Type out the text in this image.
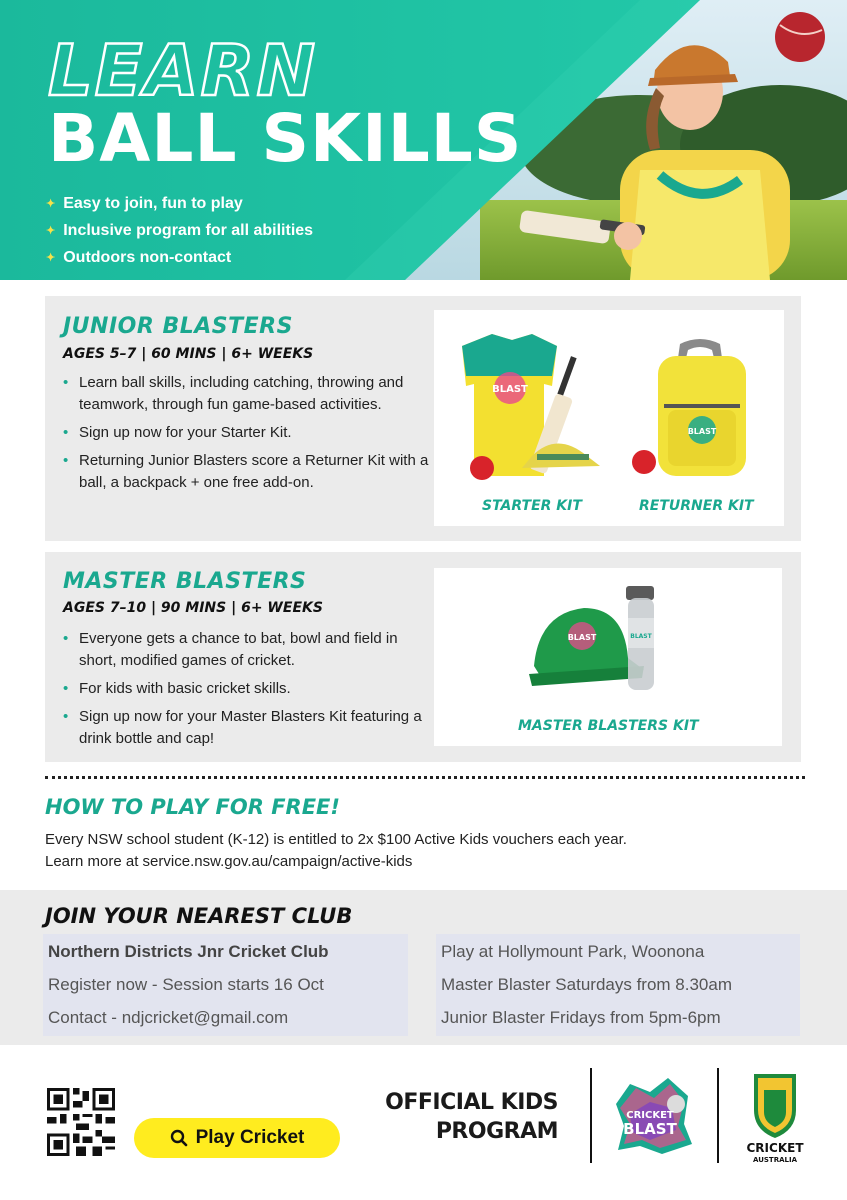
LEARN
BALL SKILLS
✦ Easy to join, fun to play
✦ Inclusive program for all abilities
✦ Outdoors non-contact
JUNIOR BLASTERS
AGES 5–7 | 60 MINS | 6+ WEEKS
• Learn ball skills, including catching, throwing and teamwork, through fun game-based activities.
• Sign up now for your Starter Kit.
• Returning Junior Blasters score a Returner Kit with a ball, a backpack + one free add-on.
BLAST
BLAST
STARTER KIT	RETURNER KIT
MASTER BLASTERS
AGES 7–10 | 90 MINS | 6+ WEEKS
• Everyone gets a chance to bat, bowl and field in short, modified games of cricket.
• For kids with basic cricket skills.
• Sign up now for your Master Blasters Kit featuring a drink bottle and cap!
BLAST	BLAST
MASTER BLASTERS KIT
HOW TO PLAY FOR FREE!
Every NSW school student (K-12) is entitled to 2x $100 Active Kids vouchers each year.
Learn more at service.nsw.gov.au/campaign/active-kids
JOIN YOUR NEAREST CLUB
Northern Districts Jnr Cricket Club
Register now - Session starts 16 Oct
Contact - ndjcricket@gmail.com
Play at Hollymount Park, Woonona
Master Blaster Saturdays from 8.30am
Junior Blaster Fridays from 5pm-6pm
Play Cricket
OFFICIAL KIDS
PROGRAM
CRICKET
BLAST
CRICKET
AUSTRALIA
